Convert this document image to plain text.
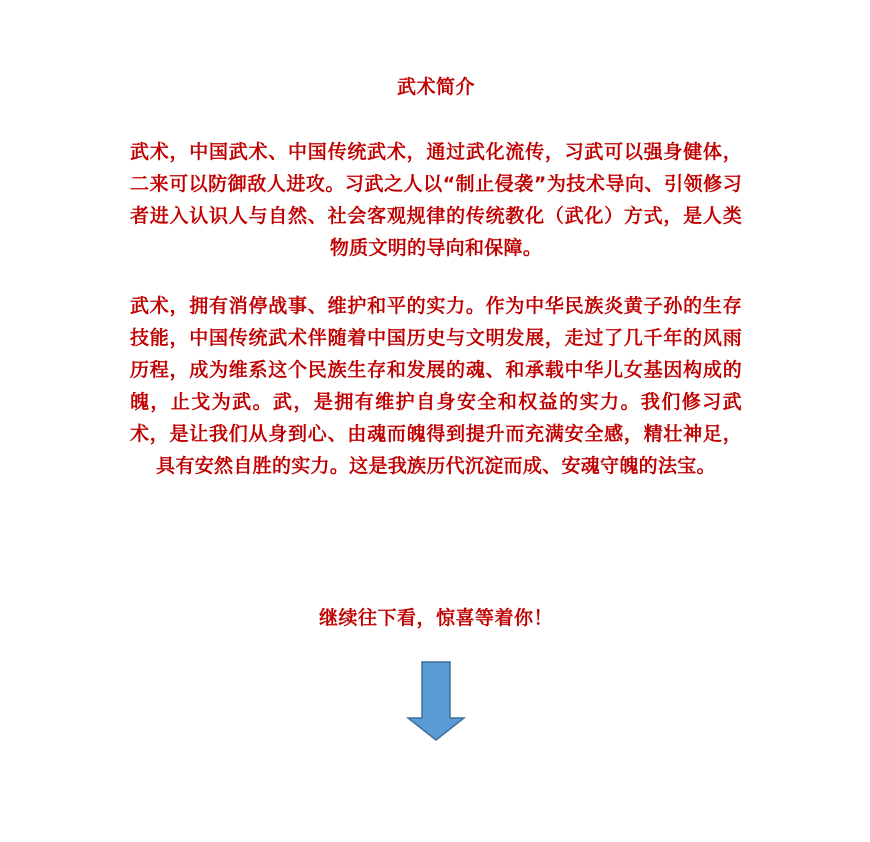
武术简介

武术，中国武术、中国传统武术，通过武化流传，习武可以强身健体，二来可以防御敌人进攻。习武之人以“制止侵袭”为技术导向、引领修习者进入认识人与自然、社会客观规律的传统教化（武化）方式，是人类物质文明的导向和保障。

武术，拥有消停战事、维护和平的实力。作为中华民族炎黄子孙的生存技能，中国传统武术伴随着中国历史与文明发展，走过了几千年的风雨历程，成为维系这个民族生存和发展的魂、和承载中华儿女基因构成的魄，止戈为武。武，是拥有维护自身安全和权益的实力。我们修习武术，是让我们从身到心、由魂而魄得到提升而充满安全感，精壮神足，具有安然自胜的实力。这是我族历代沉淀而成、安魂守魄的法宝。

继续往下看，惊喜等着你！
